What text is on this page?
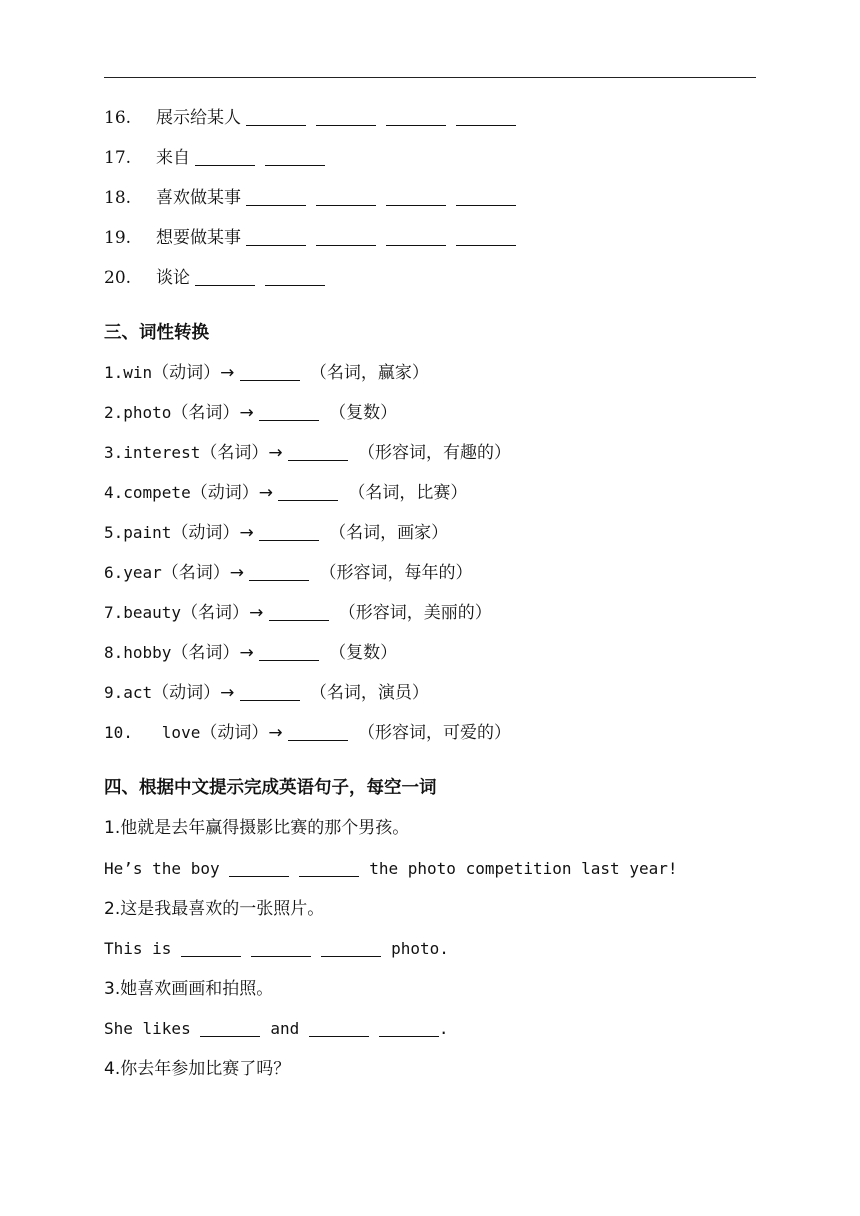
16. 展示给某人
17. 来自
18. 喜欢做某事
19. 想要做某事
20. 谈论
三、词性转换
1.win（动词）→	（名词，赢家）
2.photo（名词）→	（复数）
3.interest（名词）→	（形容词，有趣的）
4.compete（动词）→	（名词，比赛）
5.paint（动词）→	（名词，画家）
6.year（名词）→	（形容词，每年的）
7.beauty（名词）→	（形容词，美丽的）
8.hobby（名词）→	（复数）
9.act（动词）→	（名词，演员）
10.   love（动词）→	（形容词，可爱的）
四、根据中文提示完成英语句子，每空一词
1.他就是去年赢得摄影比赛的那个男孩。
He’s the boy	the photo competition last year!
2.这是我最喜欢的一张照片。
This is	photo.
3.她喜欢画画和拍照。
She likes	and	.
4.你去年参加比赛了吗？
